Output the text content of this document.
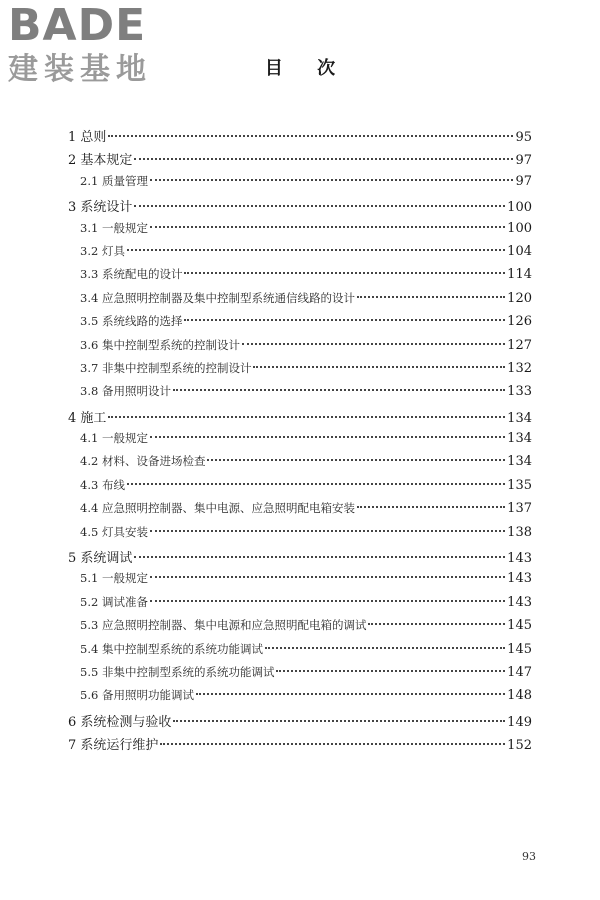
BADE
建装基地	目 次
1 总则	95
2 基本规定	97
2.1 质量管理	97
3 系统设计	100
3.1 一般规定	100
3.2 灯具	104
3.3 系统配电的设计	114
3.4 应急照明控制器及集中控制型系统通信线路的设计	120
3.5 系统线路的选择	126
3.6 集中控制型系统的控制设计	127
3.7 非集中控制型系统的控制设计	132
3.8 备用照明设计	133
4 施工	134
4.1 一般规定	134
4.2 材料、设备进场检查	134
4.3 布线	135
4.4 应急照明控制器、集中电源、应急照明配电箱安装	137
4.5 灯具安装	138
5 系统调试	143
5.1 一般规定	143
5.2 调试准备	143
5.3 应急照明控制器、集中电源和应急照明配电箱的调试	145
5.4 集中控制型系统的系统功能调试	145
5.5 非集中控制型系统的系统功能调试	147
5.6 备用照明功能调试	148
6 系统检测与验收	149
7 系统运行维护	152
93
